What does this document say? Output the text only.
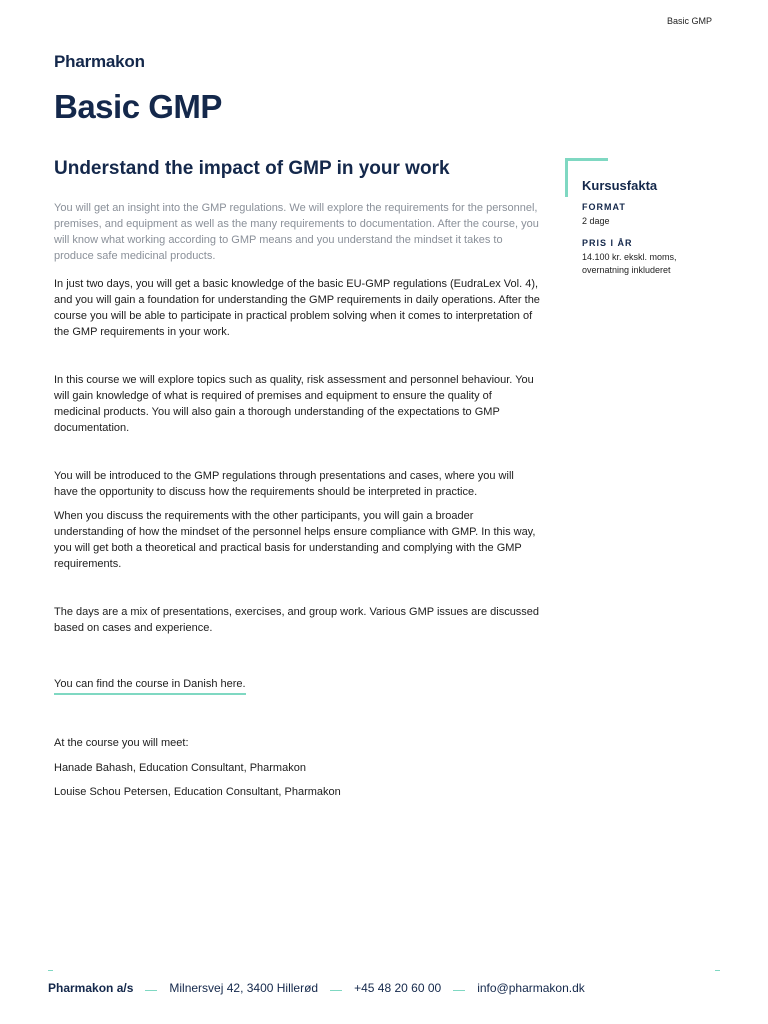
Basic GMP
Pharmakon
Basic GMP
Understand the impact of GMP in your work

You will get an insight into the GMP regulations. We will explore the requirements for the personnel, premises, and equipment as well as the many requirements to documentation. After the course, you will know what working according to GMP means and you understand the mindset it takes to produce safe medicinal products.

In just two days, you will get a basic knowledge of the basic EU-GMP regulations (EudraLex Vol. 4), and you will gain a foundation for understanding the GMP requirements in daily operations. After the course you will be able to participate in practical problem solving when it comes to interpretation of the GMP requirements in your work.

In this course we will explore topics such as quality, risk assessment and personnel behaviour. You will gain knowledge of what is required of premises and equipment to ensure the quality of medicinal products. You will also gain a thorough understanding of the expectations to GMP documentation.

You will be introduced to the GMP regulations through presentations and cases, where you will have the opportunity to discuss how the requirements should be interpreted in practice.

When you discuss the requirements with the other participants, you will gain a broader understanding of how the mindset of the personnel helps ensure compliance with GMP. In this way, you will get both a theoretical and practical basis for understanding and complying with the GMP requirements.

The days are a mix of presentations, exercises, and group work. Various GMP issues are discussed based on cases and experience.

You can find the course in Danish here.

At the course you will meet:

Hanade Bahash, Education Consultant, Pharmakon

Louise Schou Petersen, Education Consultant, Pharmakon

Kursusfakta
FORMAT
2 dage
PRIS I ÅR
14.100 kr. ekskl. moms, overnatning inkluderet
Pharmakon a/s	Milnersvej 42, 3400 Hillerød	+45 48 20 60 00	info@pharmakon.dk
